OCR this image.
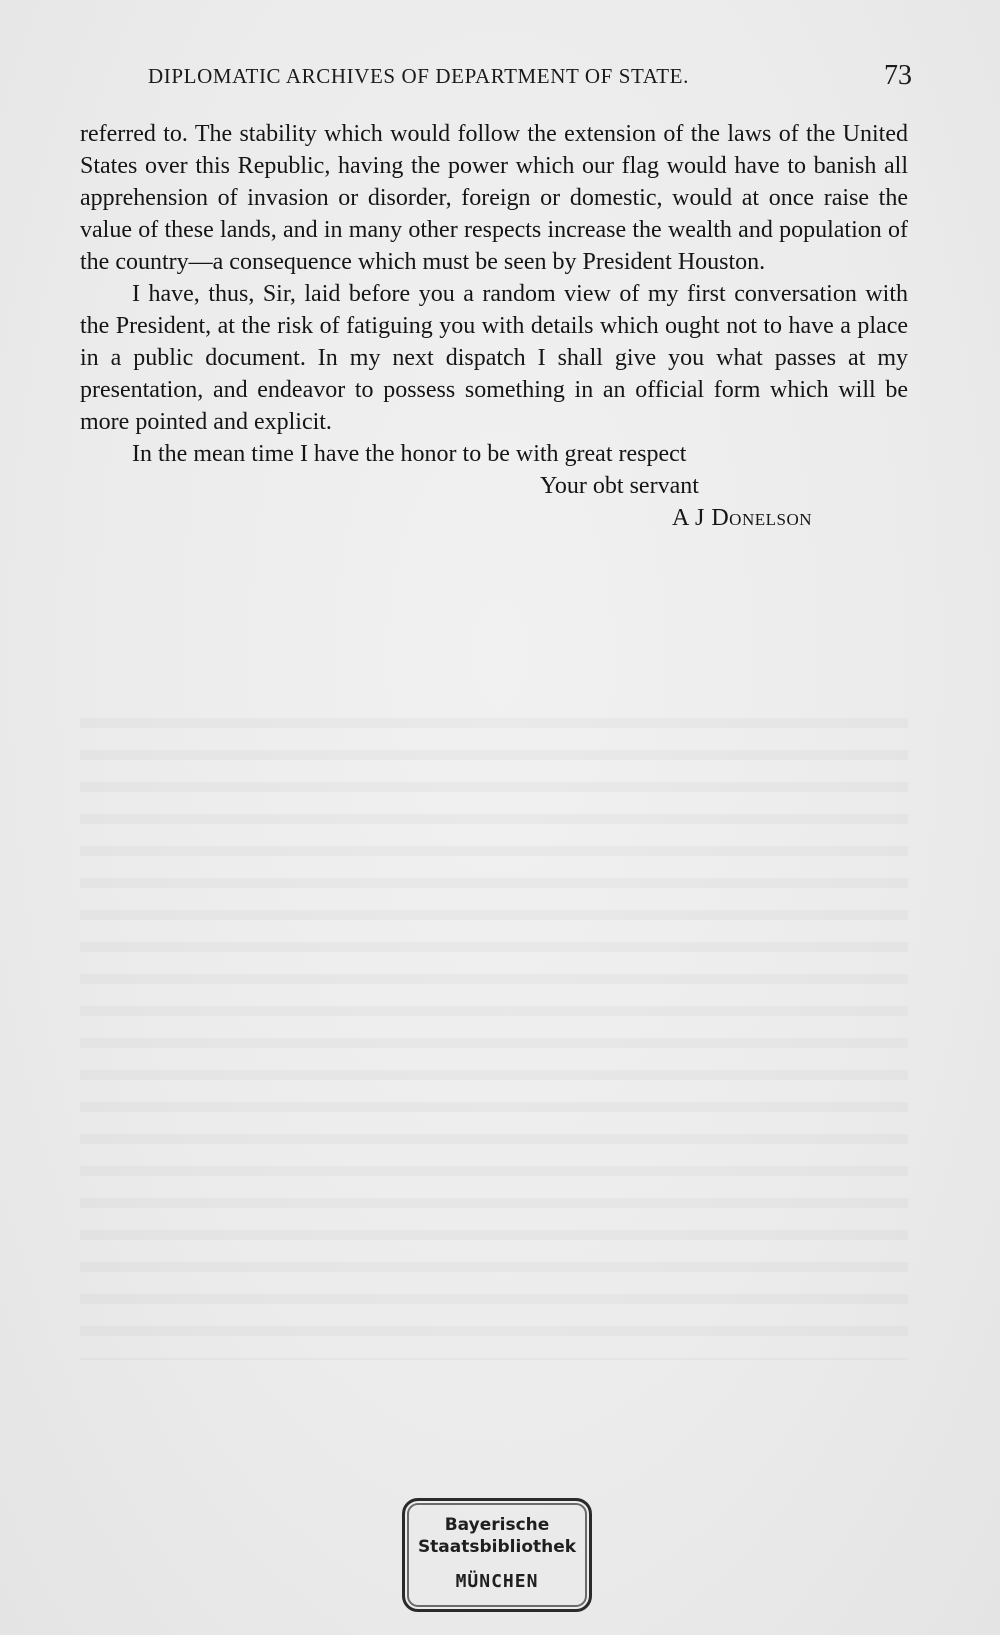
DIPLOMATIC ARCHIVES OF DEPARTMENT OF STATE.	73

referred to. The stability which would follow the extension of the laws of the United States over this Republic, having the power which our flag would have to banish all apprehension of invasion or disorder, foreign or domestic, would at once raise the value of these lands, and in many other respects increase the wealth and population of the country—a consequence which must be seen by President Houston.

I have, thus, Sir, laid before you a random view of my first conversation with the President, at the risk of fatiguing you with details which ought not to have a place in a public document. In my next dispatch I shall give you what passes at my presentation, and endeavor to possess something in an official form which will be more pointed and explicit.

In the mean time I have the honor to be with great respect

Your obt servant

A J Donelson

Bayerische
Staatsbibliothek
MÜNCHEN
